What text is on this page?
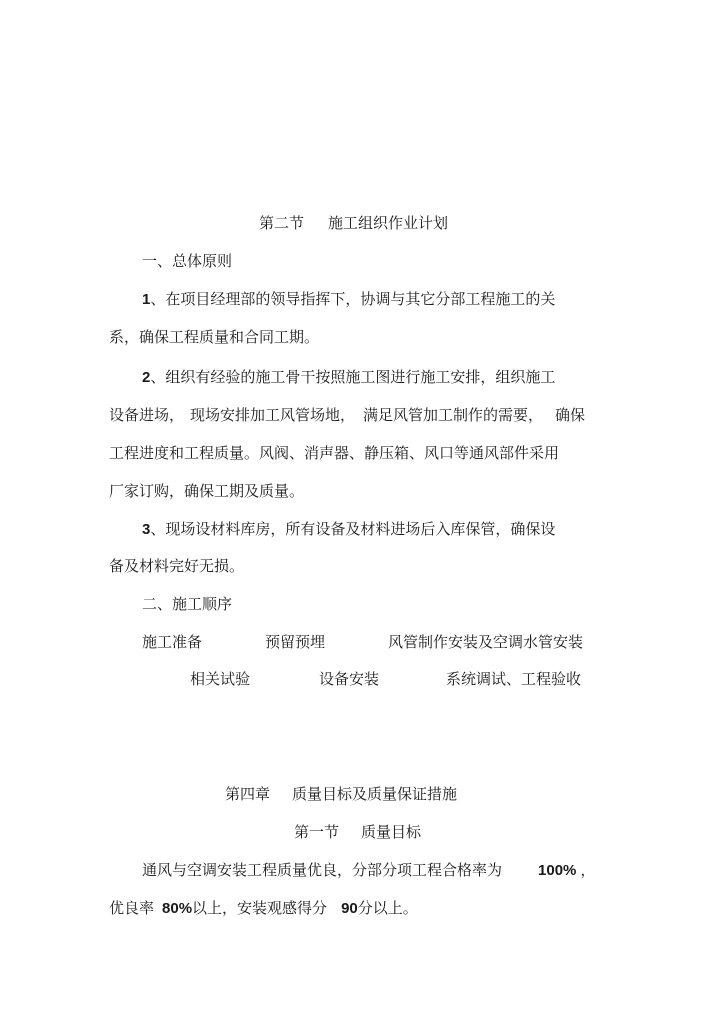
第二节 施工组织作业计划
一、总体原则
1、在项目经理部的领导指挥下，协调与其它分部工程施工的关
系，确保工程质量和合同工期。
2、组织有经验的施工骨干按照施工图进行施工安排，组织施工
设备进场， 现场安排加工风管场地， 满足风管加工制作的需要， 确保
工程进度和工程质量。风阀、消声器、静压箱、风口等通风部件采用
厂家订购，确保工期及质量。
3、现场设材料库房，所有设备及材料进场后入库保管，确保设
备及材料完好无损。
二、施工顺序
施工准备	预留预埋	风管制作安装及空调水管安装
相关试验	设备安装	系统调试、工程验收
第四章 质量目标及质量保证措施
第一节 质量目标
通风与空调安装工程质量优良，分部分项工程合格率为 100% ，
优良率 80%以上，安装观感得分 90分以上。
